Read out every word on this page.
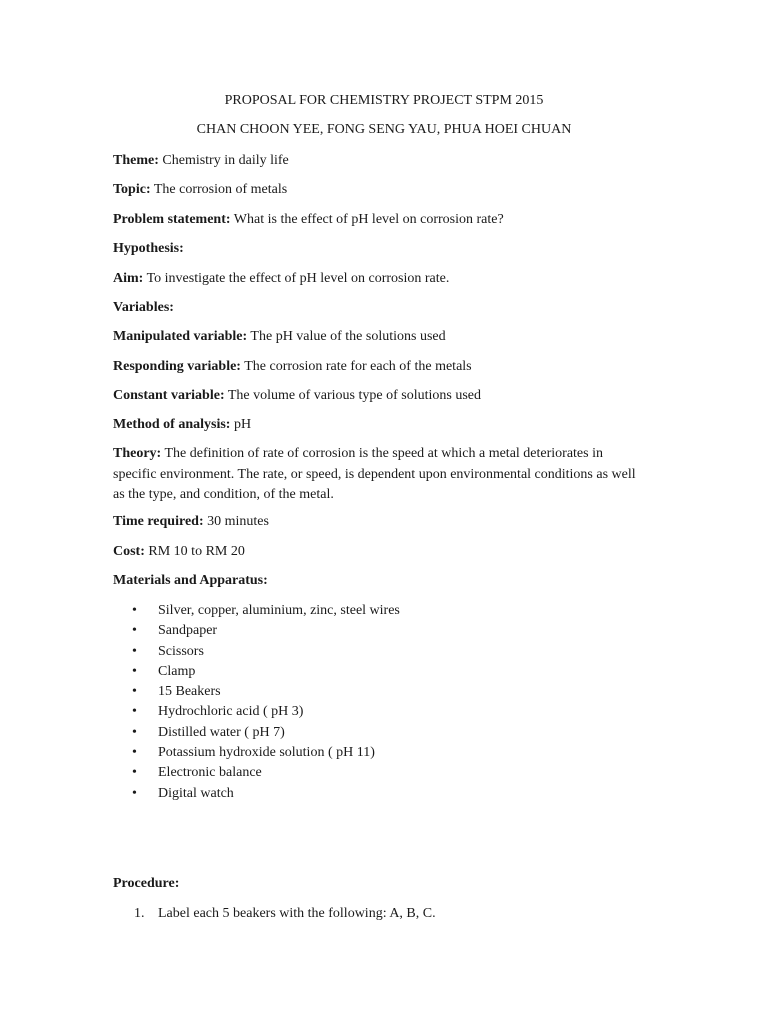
PROPOSAL FOR CHEMISTRY PROJECT STPM 2015
CHAN CHOON YEE, FONG SENG YAU, PHUA HOEI CHUAN
Theme: Chemistry in daily life
Topic: The corrosion of metals
Problem statement: What is the effect of pH level on corrosion rate?
Hypothesis:
Aim: To investigate the effect of pH level on corrosion rate.
Variables:
Manipulated variable: The pH value of the solutions used
Responding variable: The corrosion rate for each of the metals
Constant variable: The volume of various type of solutions used
Method of analysis: pH
Theory: The definition of rate of corrosion is the speed at which a metal deteriorates in specific environment. The rate, or speed, is dependent upon environmental conditions as well as the type, and condition, of the metal.
Time required: 30 minutes
Cost: RM 10 to RM 20
Materials and Apparatus:
• Silver, copper, aluminium, zinc, steel wires
• Sandpaper
• Scissors
• Clamp
• 15 Beakers
• Hydrochloric acid ( pH 3)
• Distilled water ( pH 7)
• Potassium hydroxide solution ( pH 11)
• Electronic balance
• Digital watch
Procedure:
1. Label each 5 beakers with the following: A, B, C.
